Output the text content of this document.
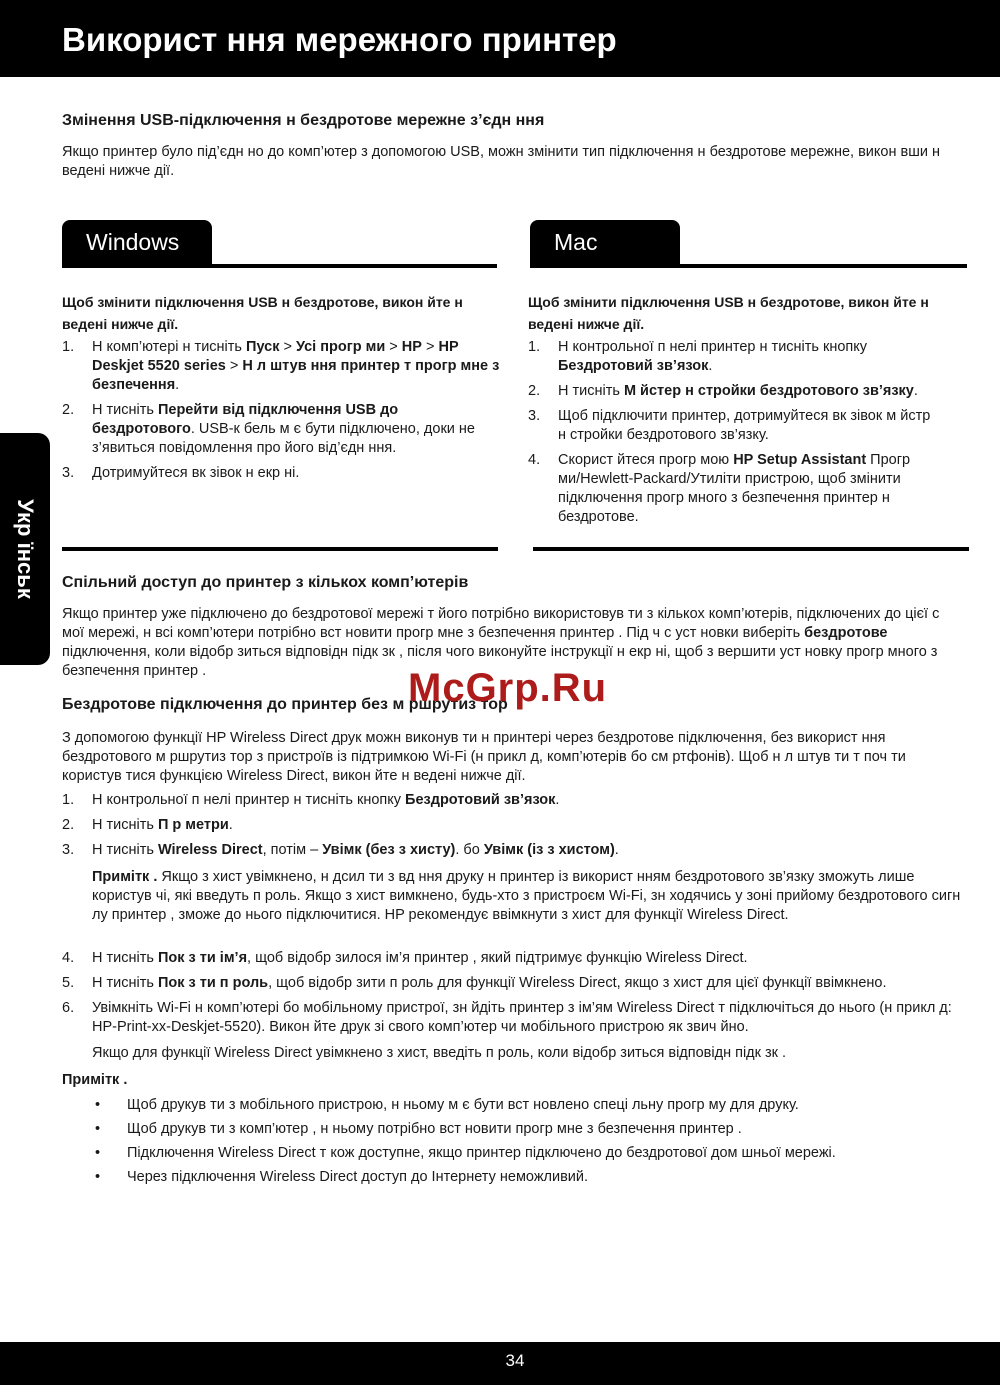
Використ ння мережного принтер
Укр їнськ
Змінення USB-підключення н бездротове мережне з’єдн ння

Якщо принтер було під’єдн но до комп’ютер з допомогою USB, можн змінити тип підключення н бездротове мережне, викон вши н ведені нижче дії.

Windows

Щоб змінити підключення USB н бездротове, викон йте н ведені нижче дії.

1. Н комп’ютері н тисніть Пуск > Усі прогр ми > HP > HP Deskjet 5520 series > Н л штув ння принтер т прогр мне з безпечення.
2. Н тисніть Перейти від підключення USB до бездротового. USB-к бель м є бути підключено, доки не з’явиться повідомлення про його від’єдн ння.
3. Дотримуйтеся вк зівок н екр ні.
Mac

Щоб змінити підключення USB н бездротове, викон йте н ведені нижче дії.

1. Н контрольної п нелі принтер н тисніть кнопку Бездротовий зв’язок.
2. Н тисніть М йстер н стройки бездротового зв’язку.
3. Щоб підключити принтер, дотримуйтеся вк зівок м йстр н стройки бездротового зв’язку.
4. Скорист йтеся прогр мою HP Setup Assistant Прогр ми/Hewlett-Packard/Утиліти пристрою, щоб змінити підключення прогр много з безпечення принтер н бездротове.
Спільний доступ до принтер з кількох комп’ютерів

Якщо принтер уже підключено до бездротової мережі т його потрібно використовув ти з кількох комп’ютерів, підключених до цієї с мої мережі, н всі комп’ютери потрібно вст новити прогр мне з безпечення принтер . Під ч с уст новки виберіть бездротове підключення, коли відобр зиться відповідн підк зк , після чого виконуйте інструкції н екр ні, щоб з вершити уст новку прогр много з безпечення принтер .

Бездротове підключення до принтер без м ршрутиз тор

З допомогою функції HP Wireless Direct друк можн виконув ти н принтері через бездротове підключення, без використ ння бездротового м ршрутиз тор з пристроїв із підтримкою Wi-Fi (н прикл д, комп’ютерів бо см ртфонів). Щоб н л штув ти т поч ти користув тися функцією Wireless Direct, викон йте н ведені нижче дії.

1. Н контрольної п нелі принтер н тисніть кнопку Бездротовий зв’язок.
2. Н тисніть П р метри.
3. Н тисніть Wireless Direct, потім – Увімк (без з хисту). бо Увімк (із з хистом).

Примітк . Якщо з хист увімкнено, н дсил ти з вд ння друку н принтер із використ нням бездротового зв’язку зможуть лише користув чі, які введуть п роль. Якщо з хист вимкнено, будь-хто з пристроєм Wi-Fi, зн ходячись у зоні прийому бездротового сигн лу принтер , зможе до нього підключитися. HP рекомендує ввімкнути з хист для функції Wireless Direct.

4. Н тисніть Пок з ти ім’я, щоб відобр зилося ім’я принтер , який підтримує функцію Wireless Direct.
5. Н тисніть Пок з ти п роль, щоб відобр зити п роль для функції Wireless Direct, якщо з хист для цієї функції ввімкнено.
6. Увімкніть Wi-Fi н комп’ютері бо мобільному пристрої, зн йдіть принтер з ім’ям Wireless Direct т підключіться до нього (н прикл д: HP-Print-xx-Deskjet-5520). Викон йте друк зі свого комп’ютер чи мобільного пристрою як звич йно.

Якщо для функції Wireless Direct увімкнено з хист, введіть п роль, коли відобр зиться відповідн підк зк .

Примітк .

• Щоб друкув ти з мобільного пристрою, н ньому м є бути вст новлено спеці льну прогр му для друку.
• Щоб друкув ти з комп’ютер , н ньому потрібно вст новити прогр мне з безпечення принтер .
• Підключення Wireless Direct т кож доступне, якщо принтер підключено до бездротової дом шньої мережі.
• Через підключення Wireless Direct доступ до Інтернету неможливий.
McGrp.Ru
34
